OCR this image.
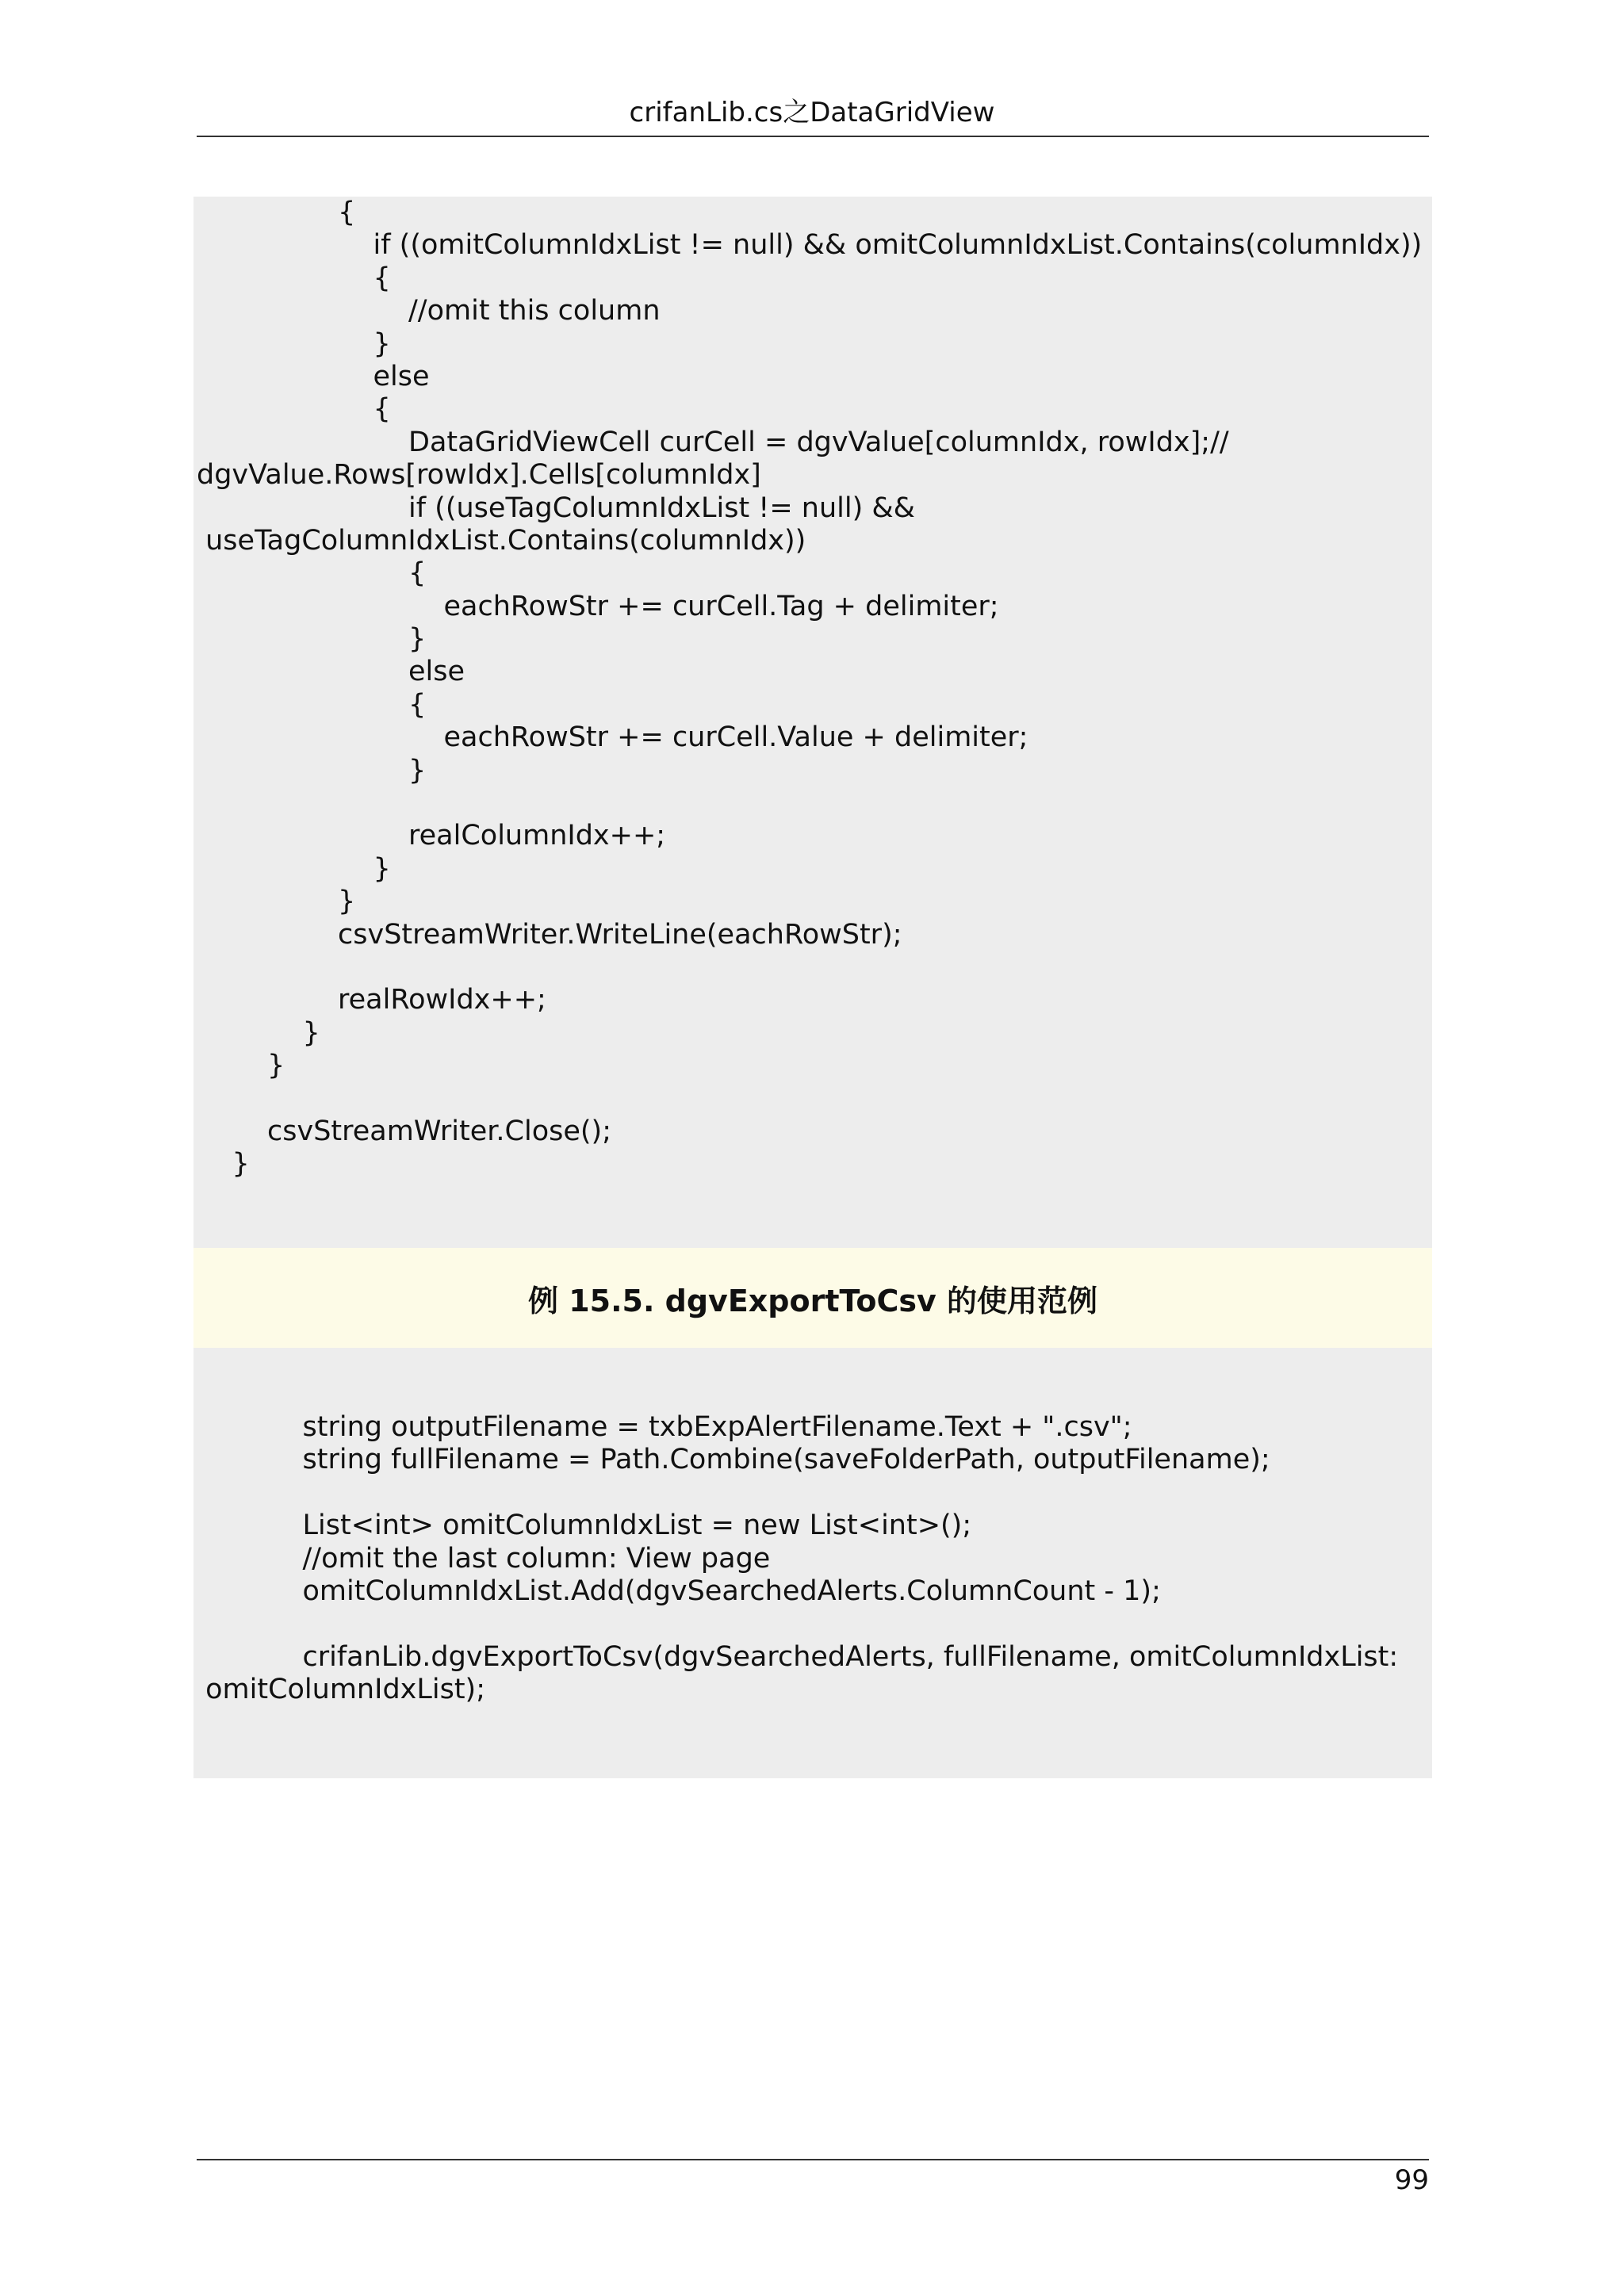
crifanLib.cs之DataGridView
{
if ((omitColumnIdxList != null) && omitColumnIdxList.Contains(columnIdx))
{
//omit this column
}
else
{
DataGridViewCell curCell = dgvValue[columnIdx, rowIdx];//
dgvValue.Rows[rowIdx].Cells[columnIdx]
if ((useTagColumnIdxList != null) &&
useTagColumnIdxList.Contains(columnIdx))
{
eachRowStr += curCell.Tag + delimiter;
}
else
{
eachRowStr += curCell.Value + delimiter;
}
realColumnIdx++;
}
}
csvStreamWriter.WriteLine(eachRowStr);
realRowIdx++;
}
}
csvStreamWriter.Close();
}
例 15.5. dgvExportToCsv 的使用范例
string outputFilename = txbExpAlertFilename.Text + ".csv";
string fullFilename = Path.Combine(saveFolderPath, outputFilename);
List<int> omitColumnIdxList = new List<int>();
//omit the last column: View page
omitColumnIdxList.Add(dgvSearchedAlerts.ColumnCount - 1);
crifanLib.dgvExportToCsv(dgvSearchedAlerts, fullFilename, omitColumnIdxList:
omitColumnIdxList);
99
